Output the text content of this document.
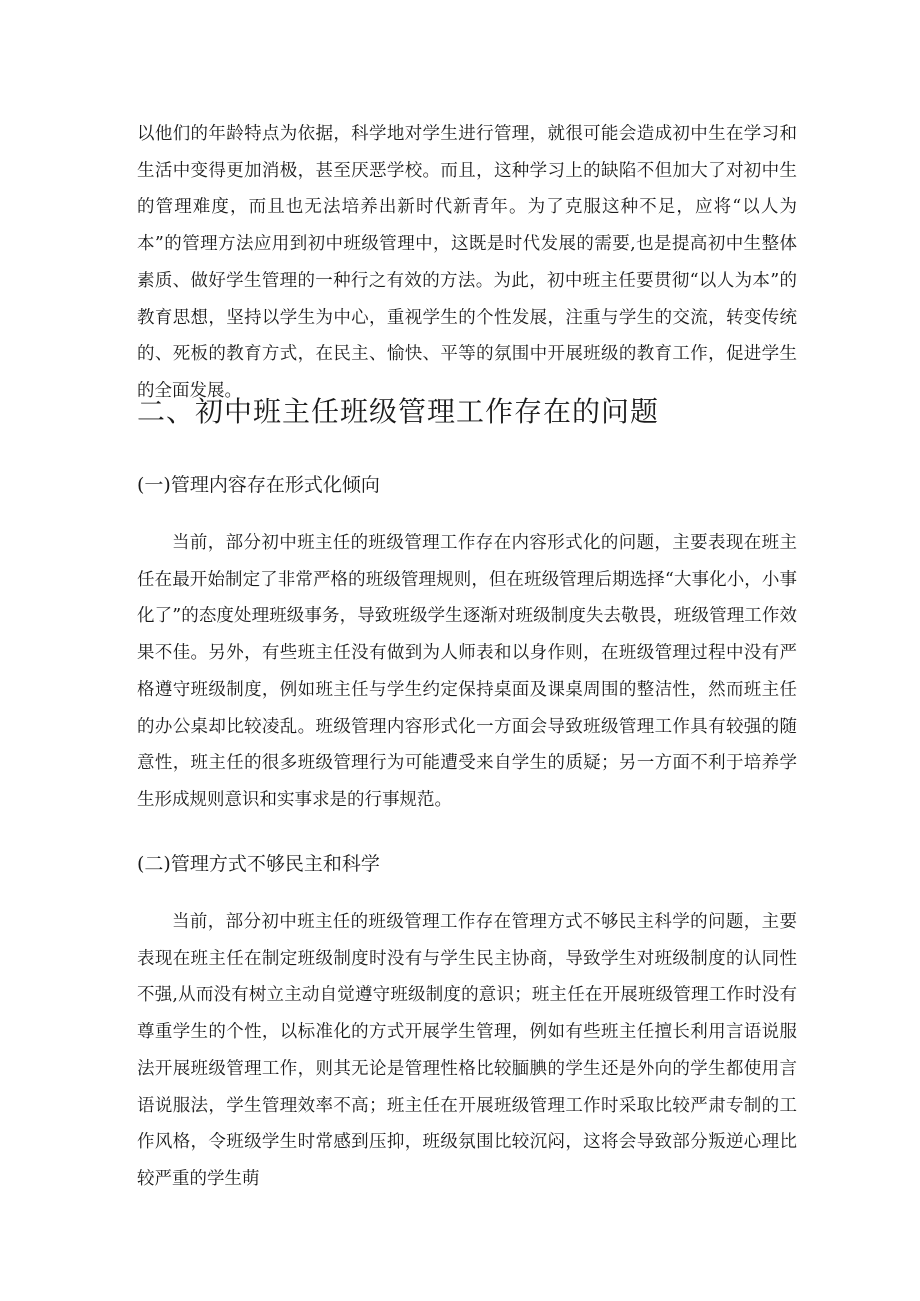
以他们的年龄特点为依据，科学地对学生进行管理，就很可能会造成初中生在学习和生活中变得更加消极，甚至厌恶学校。而且，这种学习上的缺陷不但加大了对初中生的管理难度，而且也无法培养出新时代新青年。为了克服这种不足，应将“以人为本”的管理方法应用到初中班级管理中，这既是时代发展的需要,也是提高初中生整体素质、做好学生管理的一种行之有效的方法。为此，初中班主任要贯彻“以人为本”的教育思想，坚持以学生为中心，重视学生的个性发展，注重与学生的交流，转变传统的、死板的教育方式，在民主、愉快、平等的氛围中开展班级的教育工作，促进学生的全面发展。

二、初中班主任班级管理工作存在的问题
(一)管理内容存在形式化倾向

当前，部分初中班主任的班级管理工作存在内容形式化的问题，主要表现在班主任在最开始制定了非常严格的班级管理规则，但在班级管理后期选择“大事化小，小事化了”的态度处理班级事务，导致班级学生逐渐对班级制度失去敬畏，班级管理工作效果不佳。另外，有些班主任没有做到为人师表和以身作则，在班级管理过程中没有严格遵守班级制度，例如班主任与学生约定保持桌面及课桌周围的整洁性，然而班主任的办公桌却比较凌乱。班级管理内容形式化一方面会导致班级管理工作具有较强的随意性，班主任的很多班级管理行为可能遭受来自学生的质疑；另一方面不利于培养学生形成规则意识和实事求是的行事规范。

(二)管理方式不够民主和科学

当前，部分初中班主任的班级管理工作存在管理方式不够民主科学的问题，主要表现在班主任在制定班级制度时没有与学生民主协商，导致学生对班级制度的认同性不强,从而没有树立主动自觉遵守班级制度的意识；班主任在开展班级管理工作时没有尊重学生的个性，以标准化的方式开展学生管理，例如有些班主任擅长利用言语说服法开展班级管理工作，则其无论是管理性格比较腼腆的学生还是外向的学生都使用言语说服法，学生管理效率不高；班主任在开展班级管理工作时采取比较严肃专制的工作风格，令班级学生时常感到压抑，班级氛围比较沉闷，这将会导致部分叛逆心理比较严重的学生萌
